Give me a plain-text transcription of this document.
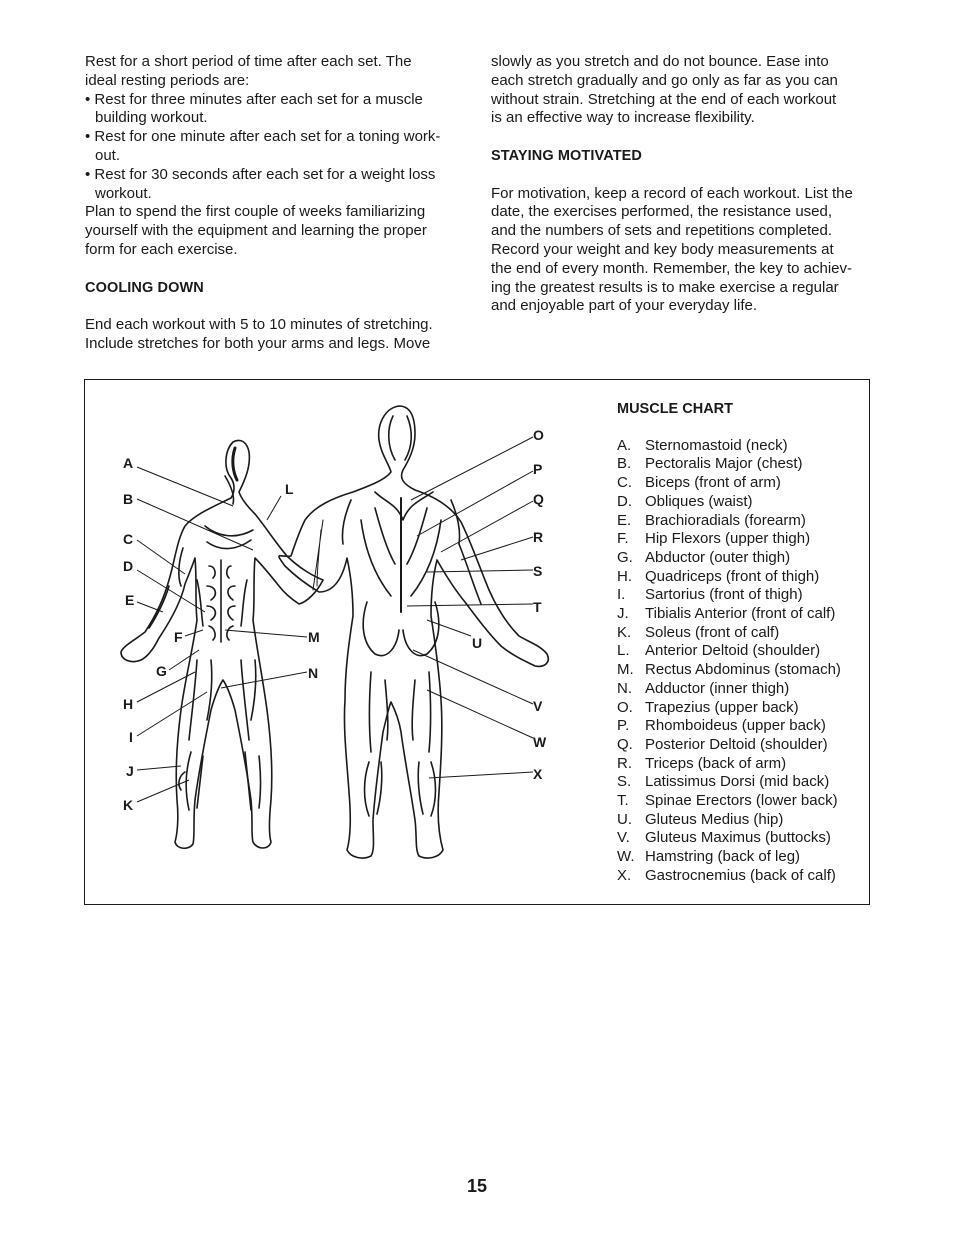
Rest for a short period of time after each set. The

ideal resting periods are:

• Rest for three minutes after each set for a muscle

building workout.

• Rest for one minute after each set for a toning work-

out.

• Rest for 30 seconds after each set for a weight loss

workout.

Plan to spend the first couple of weeks familiarizing

yourself with the equipment and learning the proper

form for each exercise.

COOLING DOWN

End each workout with 5 to 10 minutes of stretching.

Include stretches for both your arms and legs. Move

slowly as you stretch and do not bounce. Ease into

each stretch gradually and go only as far as you can

without strain. Stretching at the end of each workout

is an effective way to increase flexibility.

STAYING MOTIVATED

For motivation, keep a record of each workout. List the

date, the exercises performed, the resistance used,

and the numbers of sets and repetitions completed.

Record your weight and key body measurements at

the end of every month. Remember, the key to achiev-

ing the greatest results is to make exercise a regular

and enjoyable part of your everyday life.

A
B
C
D
E
F
G
H
I
J
K
L
M
N
O
P
Q
R
S
T
U
V
W
X
MUSCLE CHART
A. Sternomastoid (neck)
B. Pectoralis Major (chest)
C. Biceps (front of arm)
D. Obliques (waist)
E. Brachioradials (forearm)
F.	Hip Flexors (upper thigh)
G. Abductor (outer thigh)
H. Quadriceps (front of thigh)
I.	Sartorius (front of thigh)
J.	Tibialis Anterior (front of calf)
K. Soleus (front of calf)
L.	Anterior Deltoid (shoulder)
M. Rectus Abdominus (stomach)
N. Adductor (inner thigh)
O. Trapezius (upper back)
P.	Rhomboideus (upper back)
Q. Posterior Deltoid (shoulder)
R. Triceps (back of arm)
S. Latissimus Dorsi (mid back)
T.	Spinae Erectors (lower back)
U. Gluteus Medius (hip)
V.	Gluteus Maximus (buttocks)
W. Hamstring (back of leg)
X. Gastrocnemius (back of calf)
15
